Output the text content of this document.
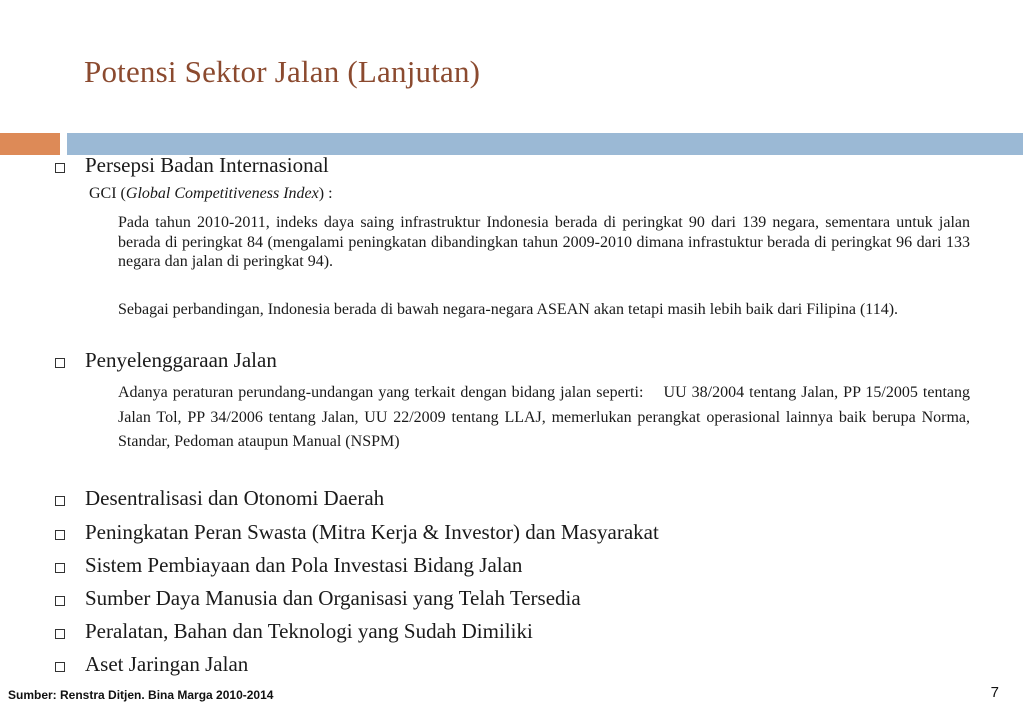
Potensi Sektor Jalan (Lanjutan)
Persepsi Badan Internasional
GCI (Global Competitiveness Index) :

Pada tahun 2010-2011, indeks daya saing infrastruktur Indonesia berada di peringkat 90 dari 139 negara, sementara untuk jalan berada di peringkat 84 (mengalami peningkatan dibandingkan tahun 2009-2010 dimana infrastuktur berada di peringkat 96 dari 133 negara dan jalan di peringkat 94).

Sebagai perbandingan, Indonesia berada di bawah negara-negara ASEAN akan tetapi masih lebih baik dari Filipina (114).

Penyelenggaraan Jalan

Adanya peraturan perundang-undangan yang terkait dengan bidang jalan seperti:    UU 38/2004 tentang Jalan, PP 15/2005 tentang Jalan Tol, PP 34/2006 tentang Jalan, UU 22/2009 tentang LLAJ, memerlukan perangkat operasional lainnya baik berupa Norma, Standar, Pedoman ataupun Manual (NSPM)

Desentralisasi dan Otonomi Daerah
Peningkatan Peran Swasta (Mitra Kerja & Investor) dan Masyarakat
Sistem Pembiayaan dan Pola Investasi Bidang Jalan
Sumber Daya Manusia dan Organisasi yang Telah Tersedia
Peralatan, Bahan dan Teknologi yang Sudah Dimiliki
Aset Jaringan Jalan
Sumber: Renstra Ditjen. Bina Marga 2010-2014	7
